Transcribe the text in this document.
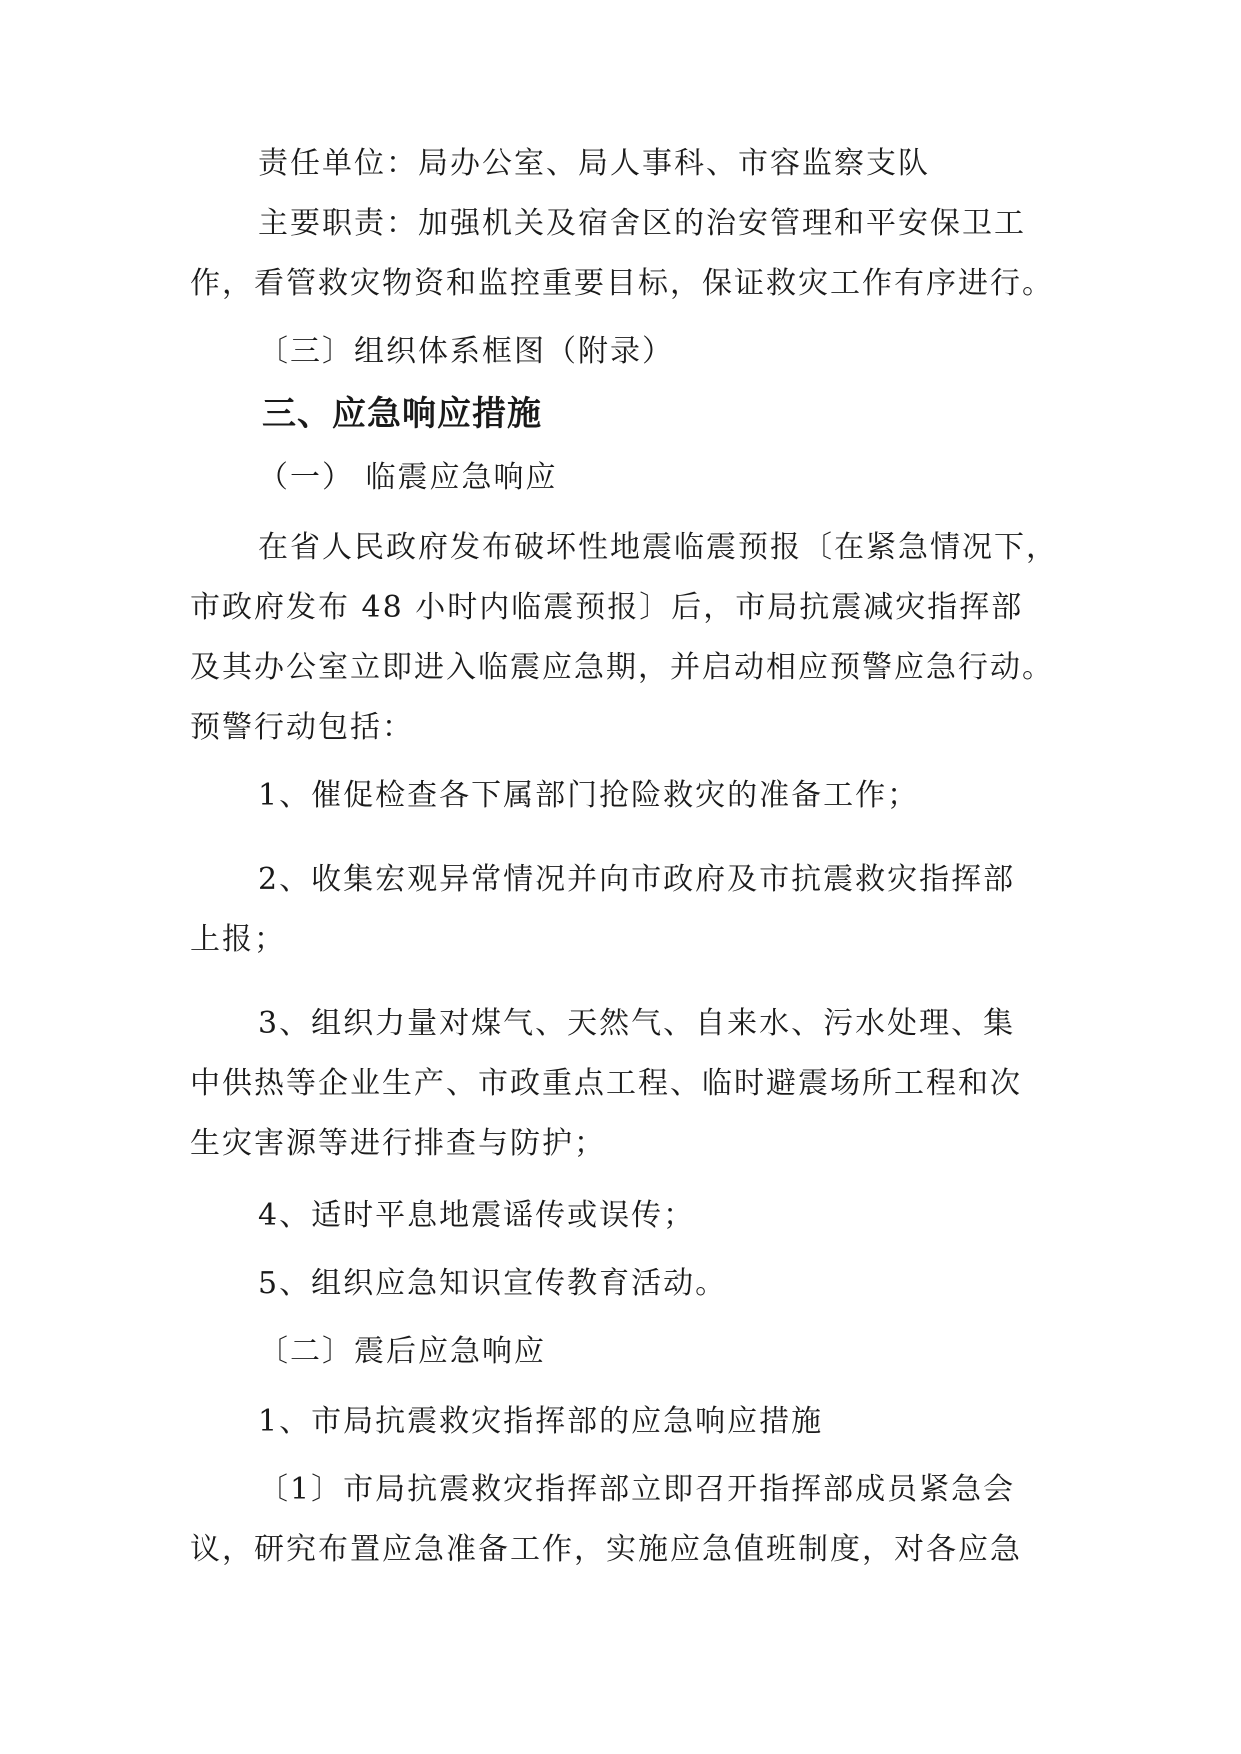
责任单位：局办公室、局人事科、市容监察支队
主要职责：加强机关及宿舍区的治安管理和平安保卫工
作，看管救灾物资和监控重要目标，保证救灾工作有序进行。
〔三〕组织体系框图（附录）
三、应急响应措施
（一） 临震应急响应
在省人民政府发布破坏性地震临震预报〔在紧急情况下，
市政府发布 48 小时内临震预报〕后，市局抗震减灾指挥部
及其办公室立即进入临震应急期，并启动相应预警应急行动。
预警行动包括：
1、催促检查各下属部门抢险救灾的准备工作；
2、收集宏观异常情况并向市政府及市抗震救灾指挥部
上报；
3、组织力量对煤气、天然气、自来水、污水处理、集
中供热等企业生产、市政重点工程、临时避震场所工程和次
生灾害源等进行排查与防护；
4、适时平息地震谣传或误传；
5、组织应急知识宣传教育活动。
〔二〕震后应急响应
1、市局抗震救灾指挥部的应急响应措施
〔1〕市局抗震救灾指挥部立即召开指挥部成员紧急会
议，研究布置应急准备工作，实施应急值班制度，对各应急
